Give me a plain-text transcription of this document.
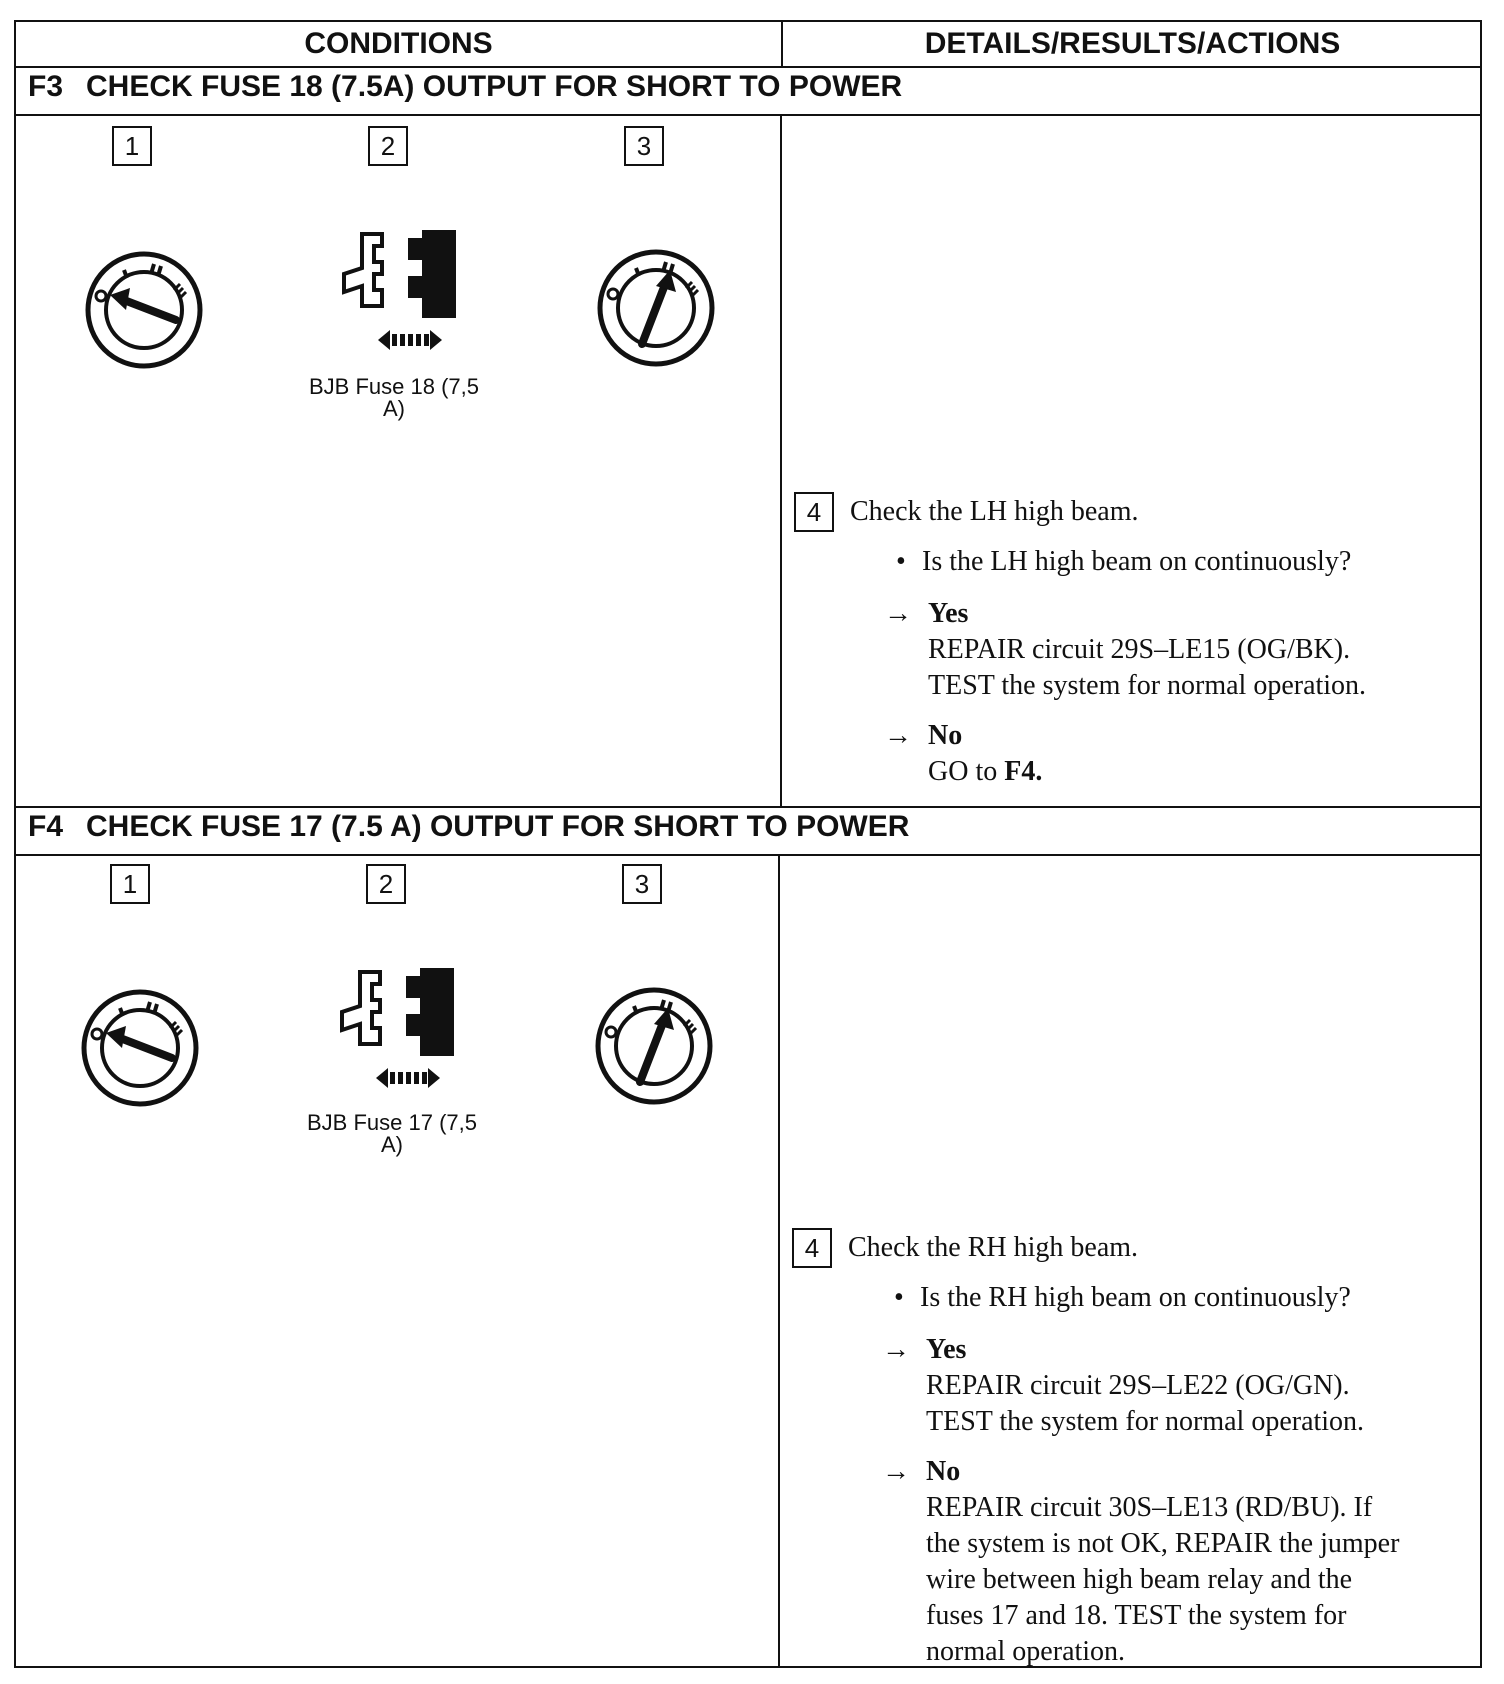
CONDITIONS	DETAILS/RESULTS/ACTIONS
F3 CHECK FUSE 18 (7.5A) OUTPUT FOR SHORT TO POWER
1	2	3
BJB Fuse 18 (7,5
A)
4	Check the LH high beam.
• Is the LH high beam on continuously?
→ Yes
REPAIR circuit 29S–LE15 (OG/BK).
TEST the system for normal operation.
→ No
GO to F4.
F4 CHECK FUSE 17 (7.5 A) OUTPUT FOR SHORT TO POWER
1	2	3
BJB Fuse 17 (7,5
A)
4	Check the RH high beam.
• Is the RH high beam on continuously?
→ Yes
REPAIR circuit 29S–LE22 (OG/GN).
TEST the system for normal operation.
→ No
REPAIR circuit 30S–LE13 (RD/BU). If
the system is not OK, REPAIR the jumper
wire between high beam relay and the
fuses 17 and 18. TEST the system for
normal operation.
